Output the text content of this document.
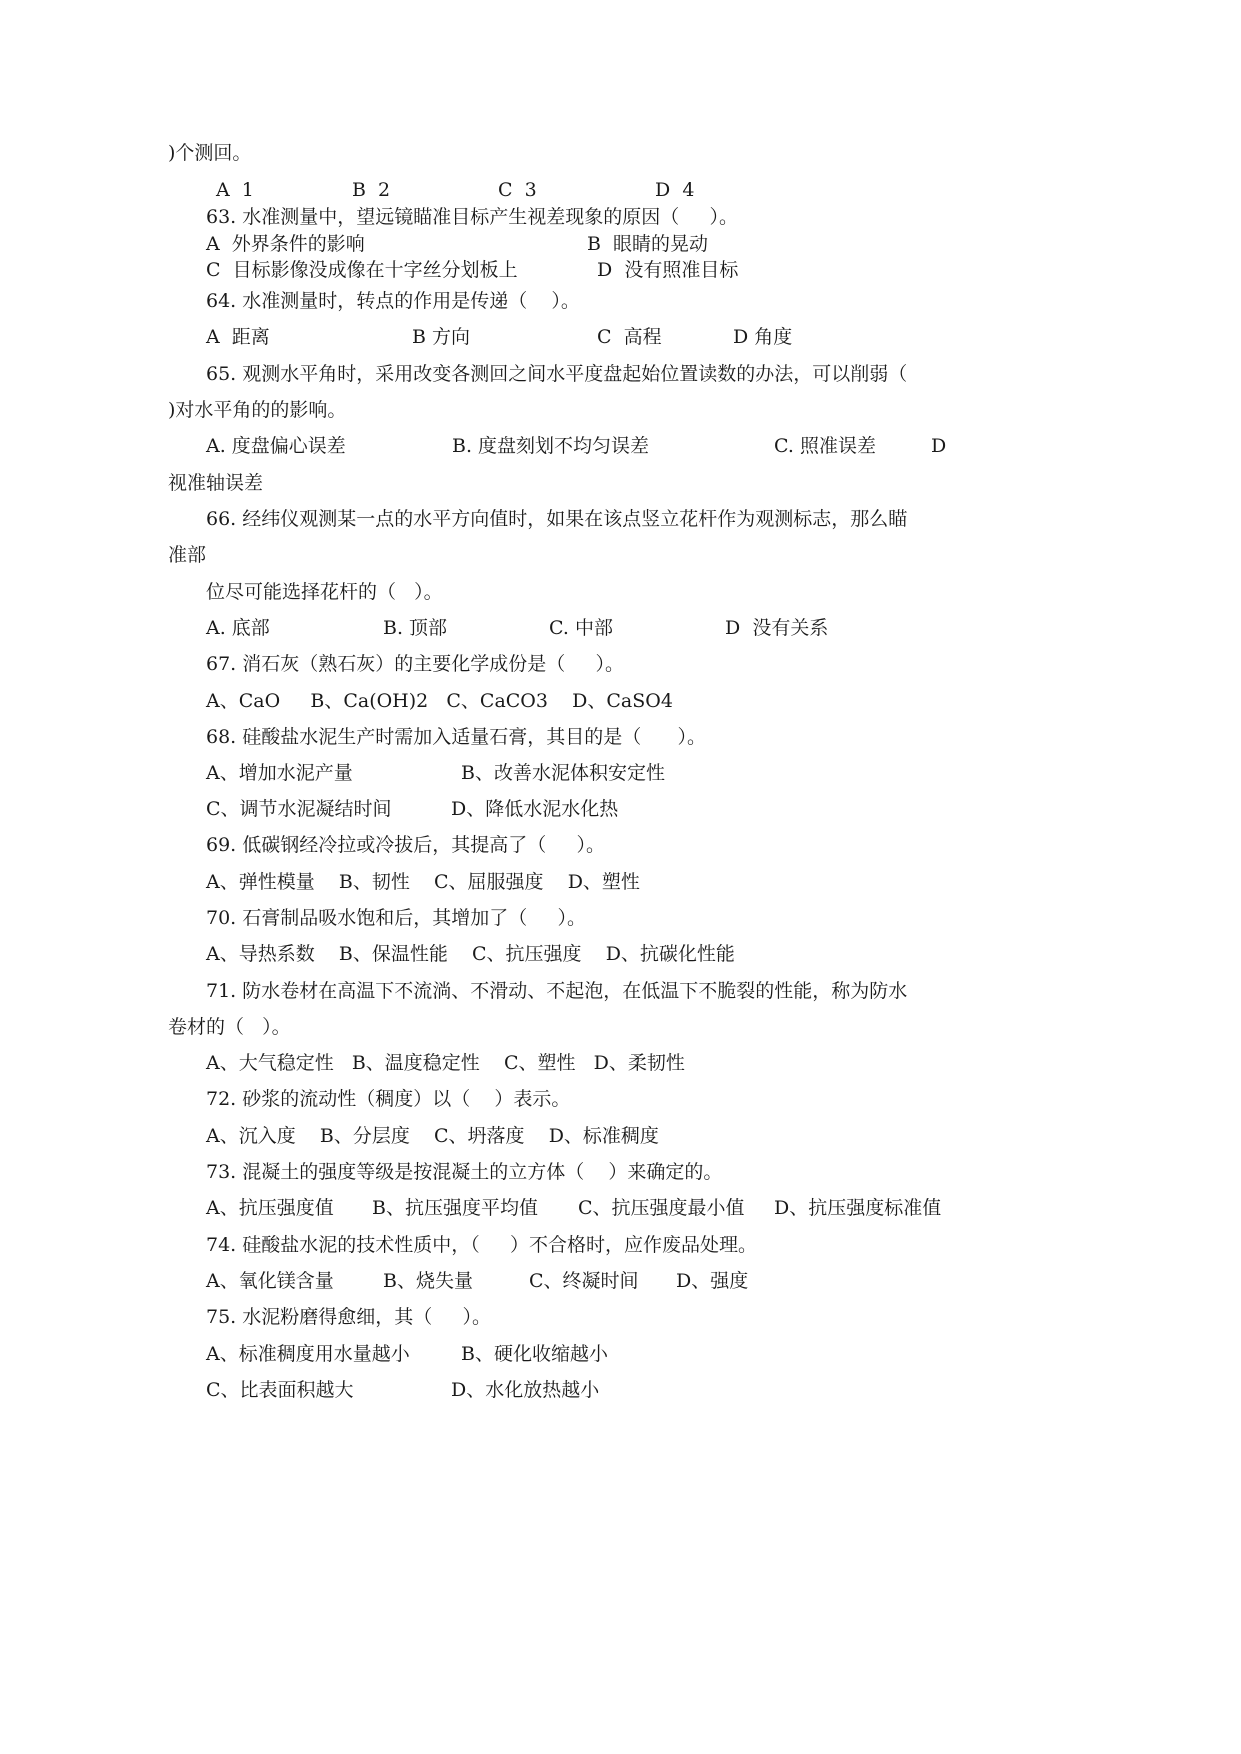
)个测回。
A  1	B  2	C  3	D  4
63. 水准测量中，望远镜瞄准目标产生视差现象的原因（     ）。
A  外界条件的影响	B  眼睛的晃动
C  目标影像没成像在十字丝分划板上	D  没有照准目标
64. 水准测量时，转点的作用是传递（    ）。
A  距离	B 方向	C  高程	D 角度
65. 观测水平角时，采用改变各测回之间水平度盘起始位置读数的办法，可以削弱（
)对水平角的的影响。
A. 度盘偏心误差	B. 度盘刻划不均匀误差	C. 照准误差	D
视准轴误差
66. 经纬仪观测某一点的水平方向值时，如果在该点竖立花杆作为观测标志，那么瞄
准部
位尽可能选择花杆的（   ）。
A. 底部	B. 顶部	C. 中部	D  没有关系
67. 消石灰（熟石灰）的主要化学成份是（     ）。
A、CaO     B、Ca(OH)2   C、CaCO3    D、CaSO4
68. 硅酸盐水泥生产时需加入适量石膏，其目的是（      ）。
A、增加水泥产量	B、改善水泥体积安定性
C、调节水泥凝结时间	D、降低水泥水化热
69. 低碳钢经冷拉或冷拔后，其提高了（     ）。
A、弹性模量    B、韧性    C、屈服强度    D、塑性
70. 石膏制品吸水饱和后，其增加了（     ）。
A、导热系数    B、保温性能    C、抗压强度    D、抗碳化性能
71. 防水卷材在高温下不流淌、不滑动、不起泡，在低温下不脆裂的性能，称为防水
卷材的（   ）。
A、大气稳定性   B、温度稳定性    C、塑性   D、柔韧性
72. 砂浆的流动性（稠度）以（    ）表示。
A、沉入度    B、分层度    C、坍落度    D、标准稠度
73. 混凝土的强度等级是按混凝土的立方体（    ）来确定的。
A、抗压强度值 B、抗压强度平均值 C、抗压强度最小值 D、抗压强度标准值
74. 硅酸盐水泥的技术性质中，（     ）不合格时，应作废品处理。
A、氧化镁含量	B、烧失量	C、终凝时间 D、强度
75. 水泥粉磨得愈细，其（     ）。
A、标准稠度用水量越小	B、硬化收缩越小
C、比表面积越大	D、水化放热越小
